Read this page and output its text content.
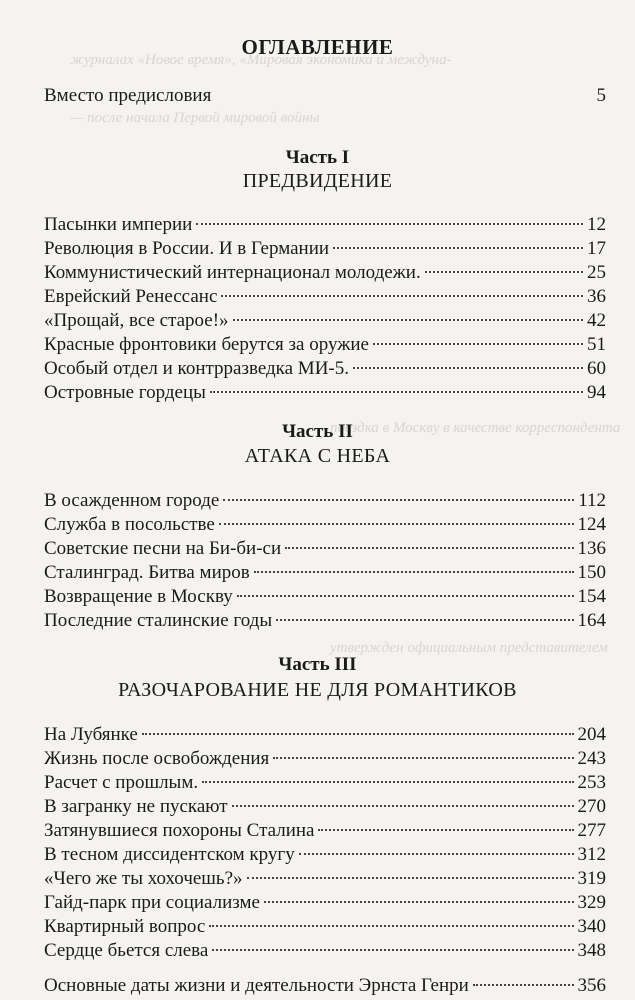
журналах «Новое время», «Мировая экономика и междуна-
— после начала Первой мировой войны
поездка в Москву в качестве корреспондента
утвержден официальным представителем
ОГЛАВЛЕНИЕ
Вместо предисловия	5
Часть I
ПРЕДВИДЕНИЕ
Пасынки империи	12
Революция в России. И в Германии	17
Коммунистический интернационал молодежи.	25
Еврейский Ренессанс	36
«Прощай, все старое!»	42
Красные фронтовики берутся за оружие	51
Особый отдел и контрразведка МИ-5.	60
Островные гордецы	94
Часть II
АТАКА С НЕБА
В осажденном городе	112
Служба в посольстве	124
Советские песни на Би-би-си	136
Сталинград. Битва миров	150
Возвращение в Москву	154
Последние сталинские годы	164
Часть III
РАЗОЧАРОВАНИЕ НЕ ДЛЯ РОМАНТИКОВ
На Лубянке	204
Жизнь после освобождения	243
Расчет с прошлым.	253
В загранку не пускают	270
Затянувшиеся похороны Сталина	277
В тесном диссидентском кругу	312
«Чего же ты хохочешь?»	319
Гайд-парк при социализме	329
Квартирный вопрос	340
Сердце бьется слева	348
Основные даты жизни и деятельности Эрнста Генри	356
